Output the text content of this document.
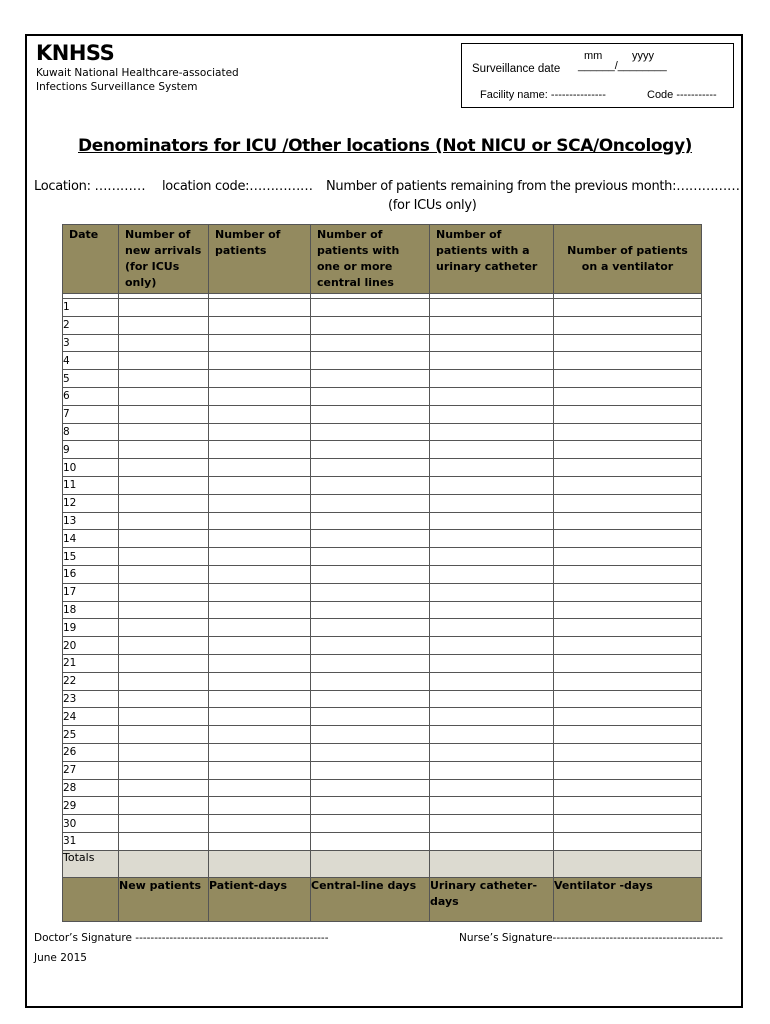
KNHSS
Kuwait National Healthcare-associated
Infections Surveillance System
mm	yyyy
Surveillance date ______/________
Facility name: ---------------	Code -----------
Denominators for ICU /Other locations (Not NICU or SCA/Oncology)
Location: ………… location code:…………… Number of patients remaining from the previous month:…………….
(for ICUs only)
Date	Number of new arrivals (for ICUs only)	Number of patients	Number of patients with one or more central lines	Number of patients with a urinary catheter	Number of patients on a ventilator

1					
2					
3					
4					
5					
6					
7					
8					
9					
10					
11					
12					
13					
14					
15					
16					
17					
18					
19					
20					
21					
22					
23					
24					
25					
26					
27					
28					
29					
30					
31					
Totals					
	New patients	Patient-days	Central-line days	Urinary catheter-days	Ventilator -days
Doctor’s Signature ---------------------------------------------------	Nurse’s Signature---------------------------------------------
June 2015
